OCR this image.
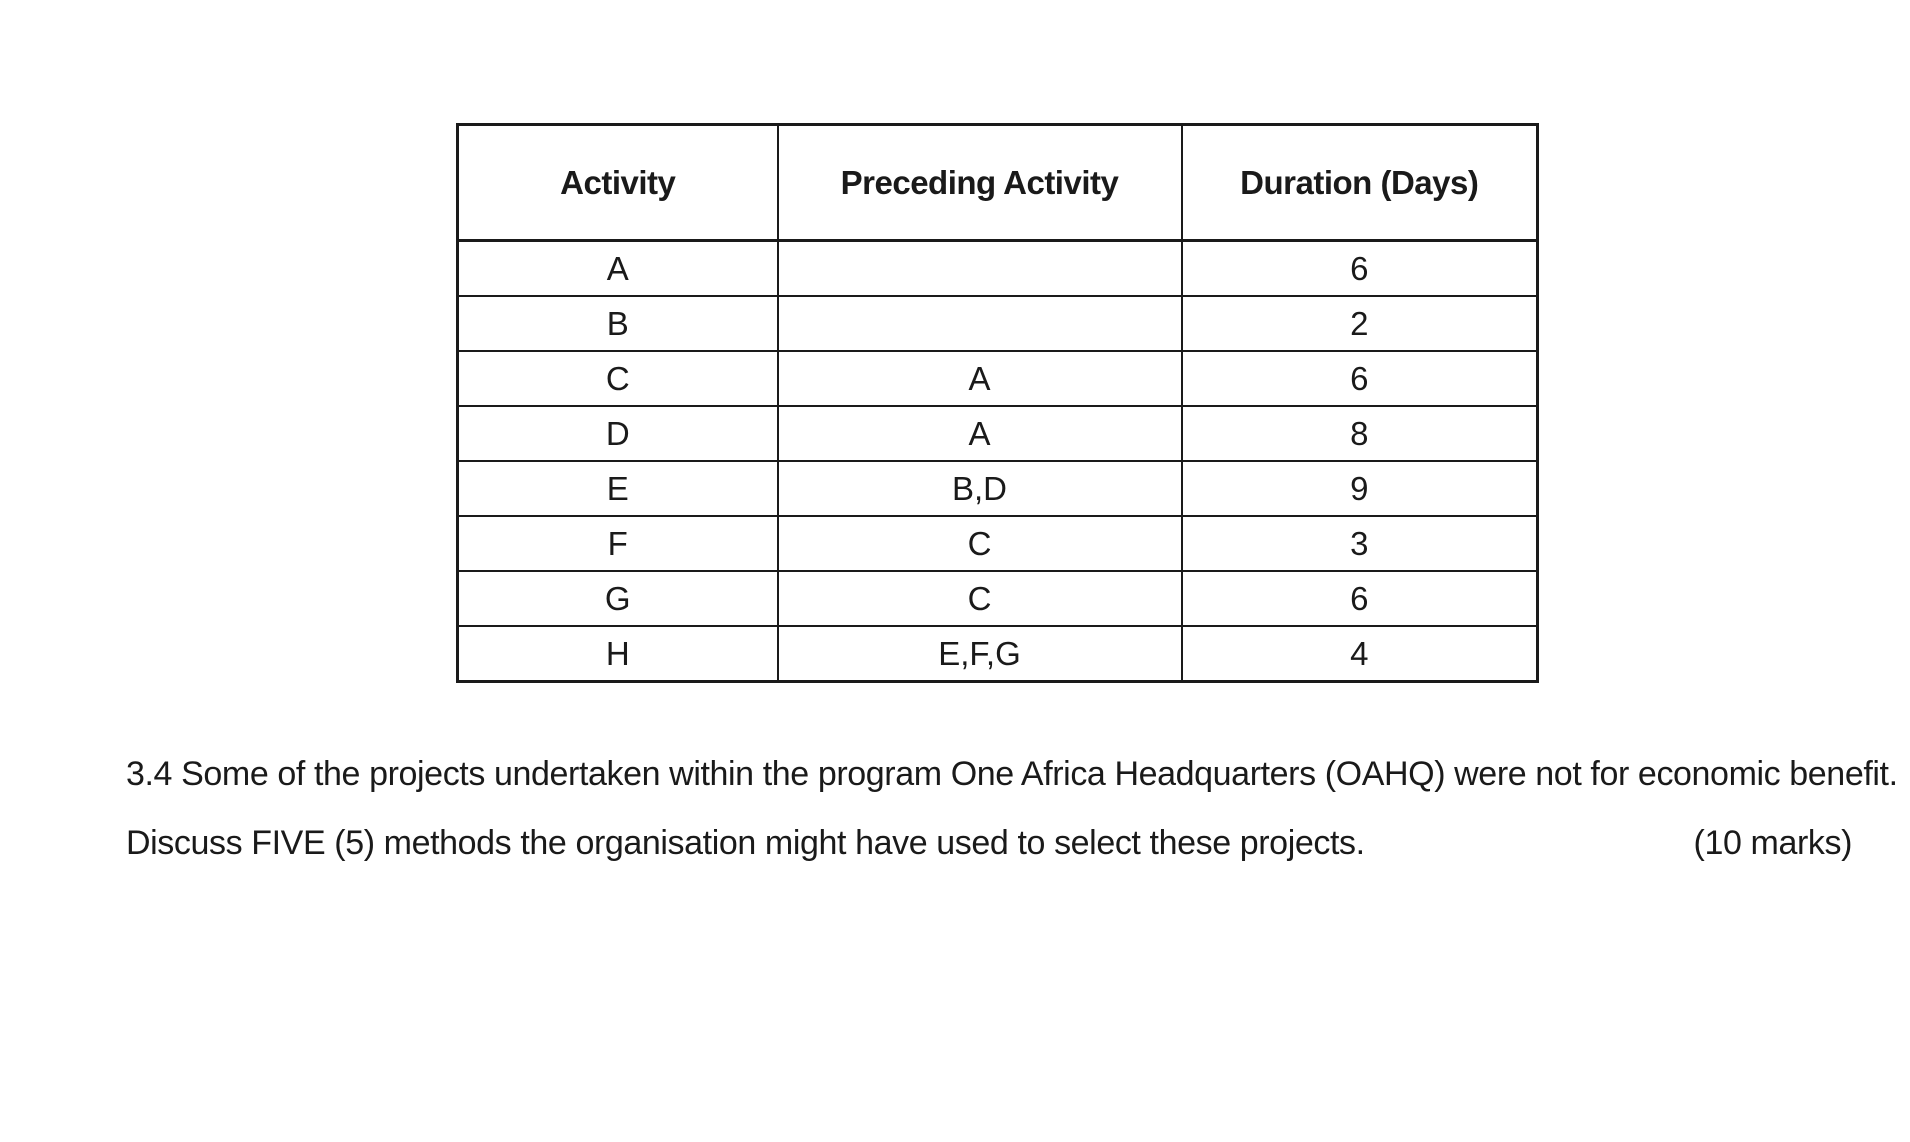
Activity	Preceding Activity	Duration (Days)
A		6
B		2
C	A	6
D	A	8
E	B,D	9
F	C	3
G	C	6
H	E,F,G	4
3.4 Some of the projects undertaken within the program One Africa Headquarters (OAHQ) were not for economic benefit.
Discuss FIVE (5) methods the organisation might have used to select these projects.	(10 marks)
